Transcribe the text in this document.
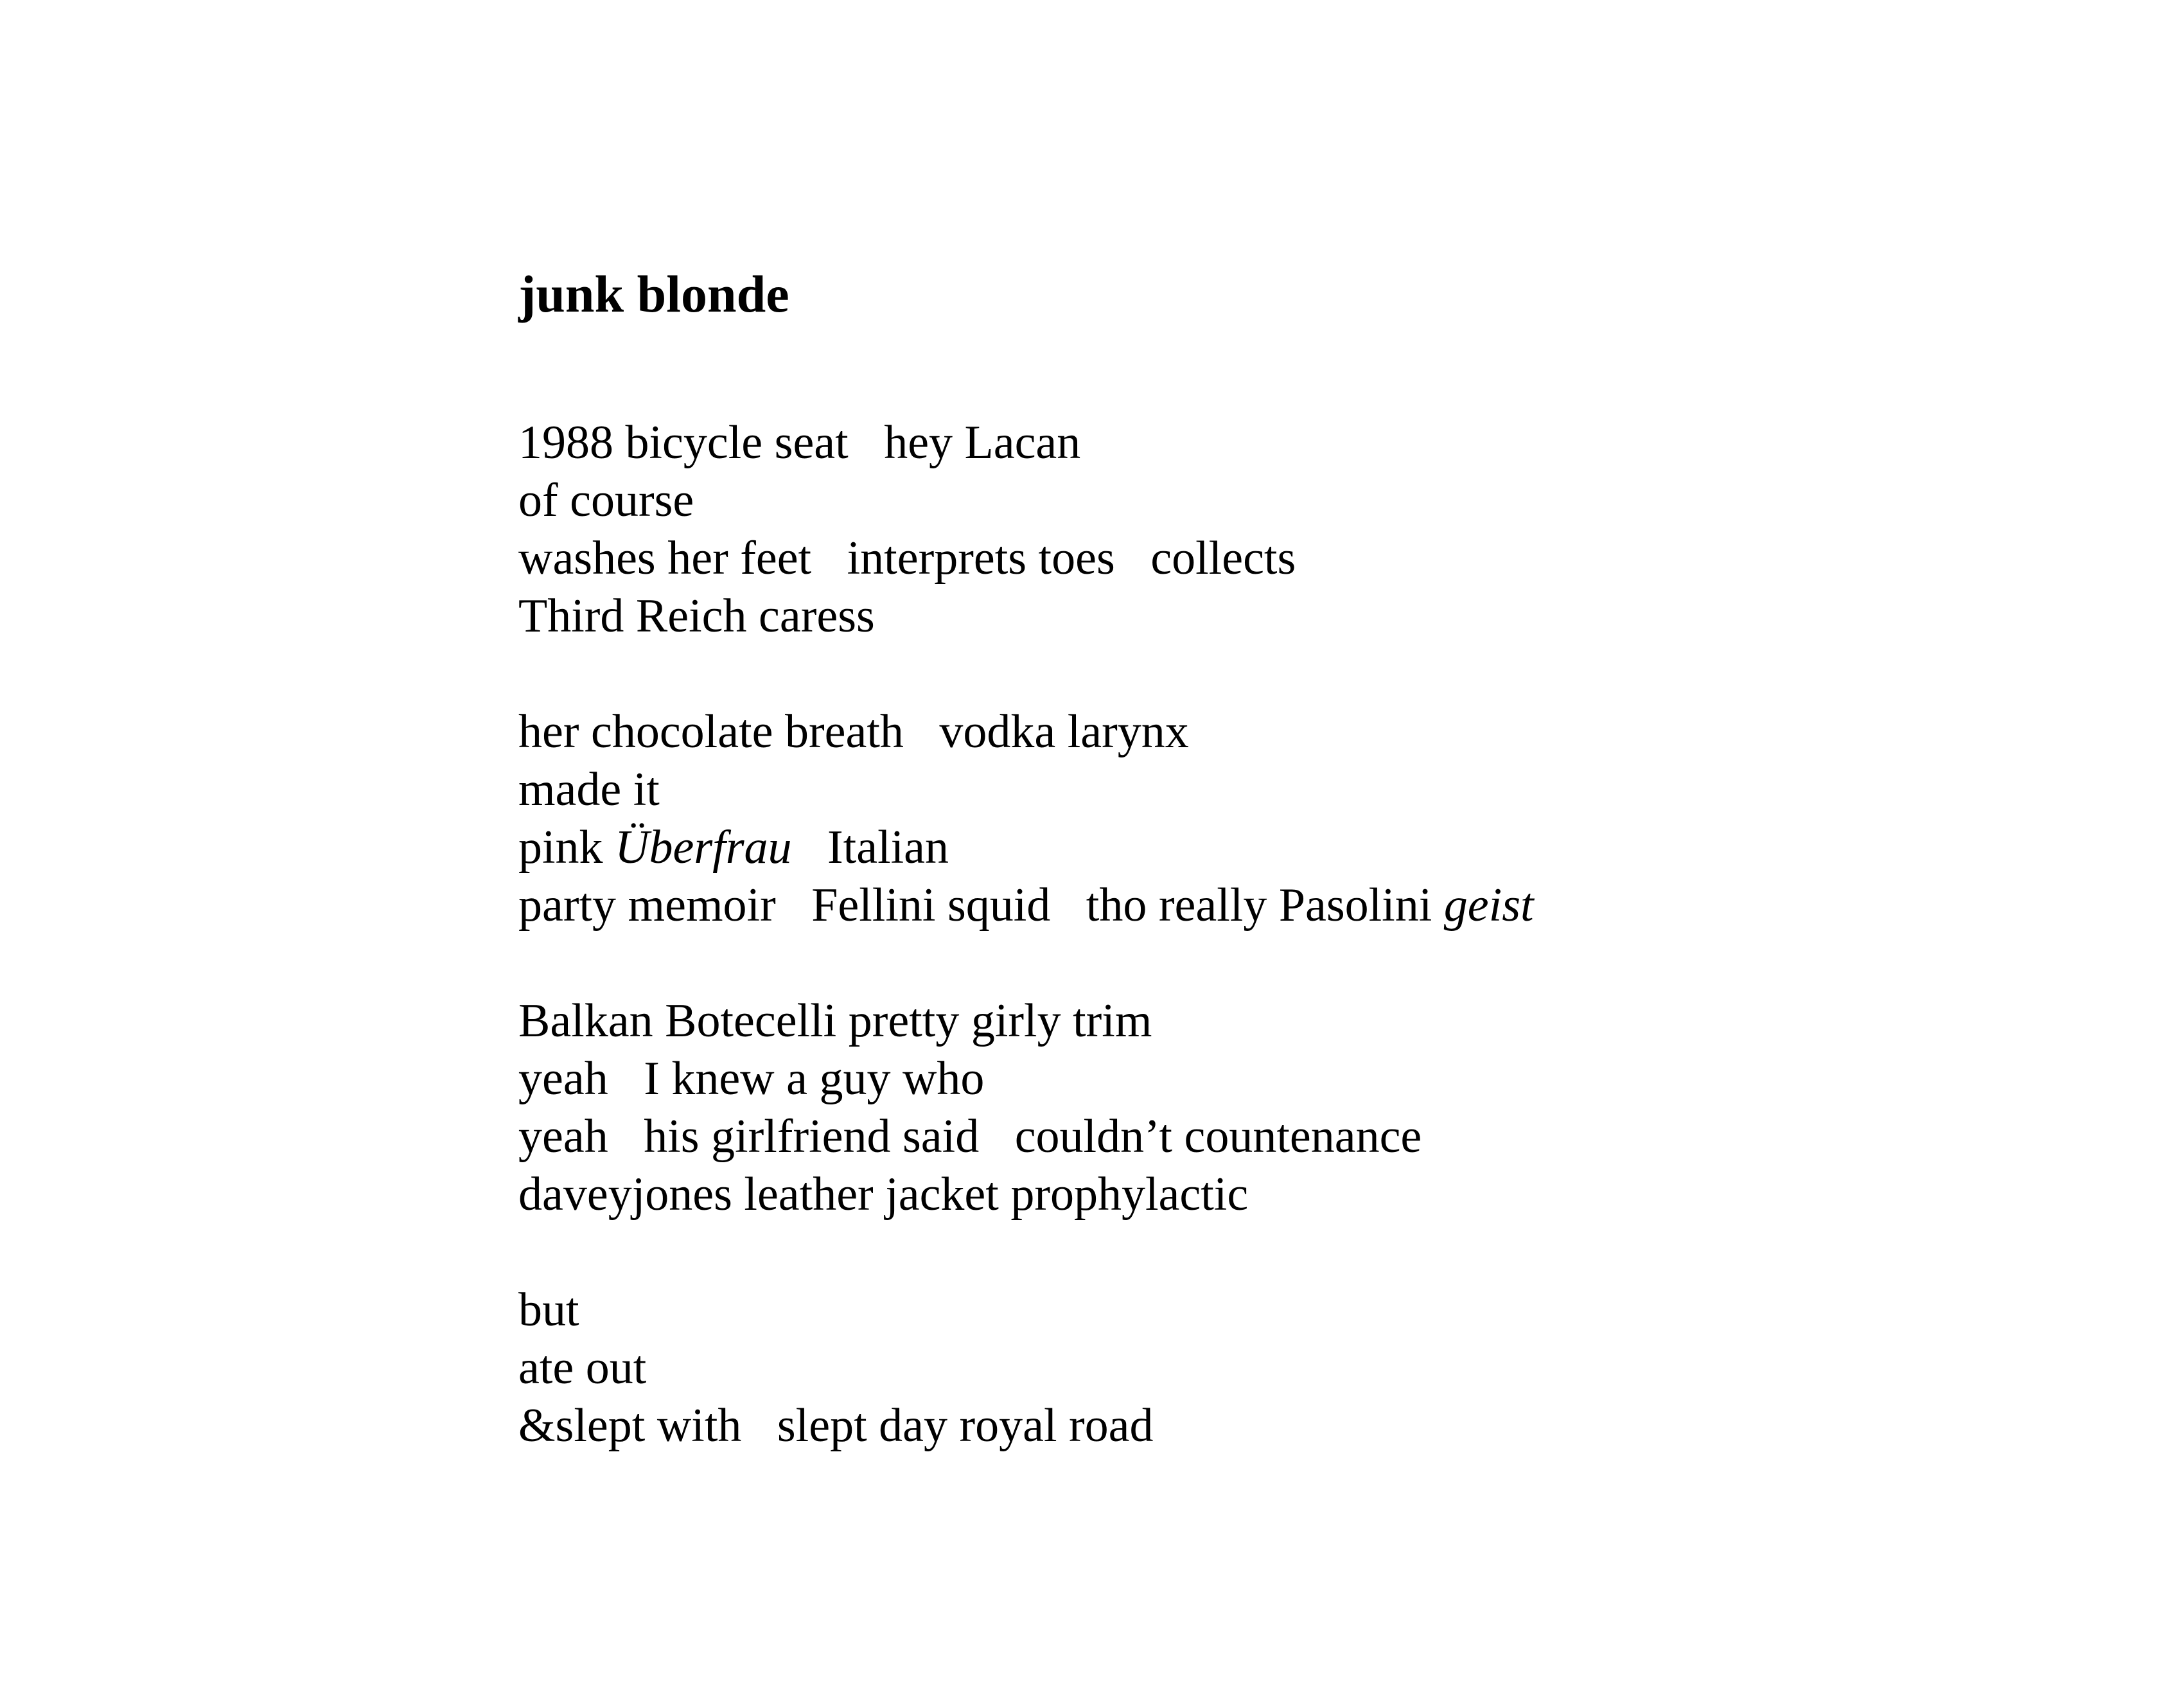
junk blonde
1988 bicycle seat   hey Lacan
of course
washes her feet   interprets toes   collects
Third Reich caress
her chocolate breath   vodka larynx
made it
pink Überfrau   Italian
party memoir   Fellini squid   tho really Pasolini geist
Balkan Botecelli pretty girly trim
yeah   I knew a guy who
yeah   his girlfriend said   couldn’t countenance
daveyjones leather jacket prophylactic
but
ate out
&slept with   slept day royal road
